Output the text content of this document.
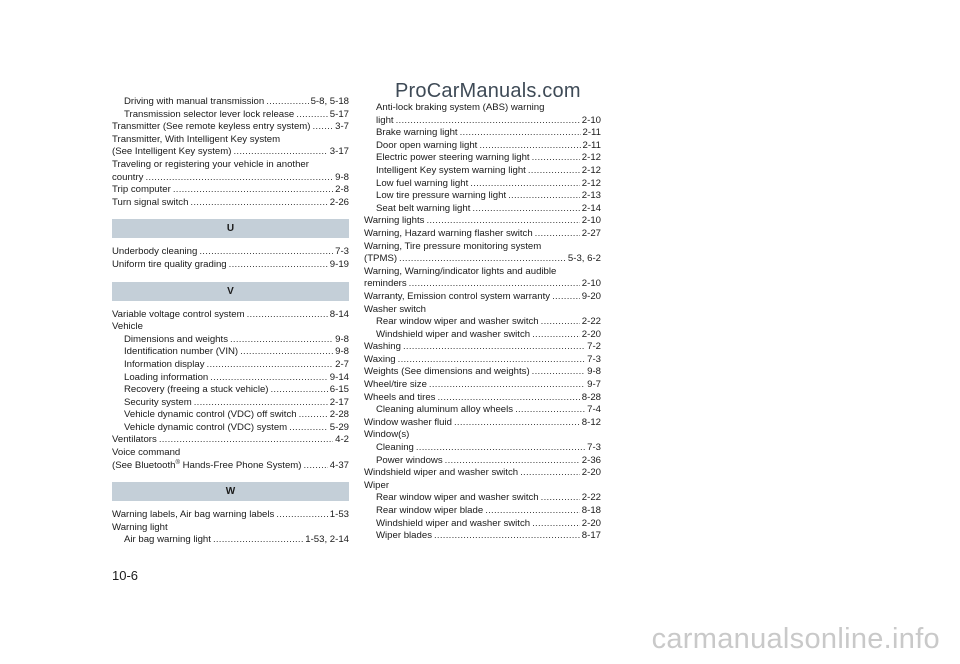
ProCarManuals.com
Driving with manual transmission . . .	5-8, 5-18
Transmission selector lever lock release . . .	5-17
Transmitter (See remote keyless entry system) . . .	3-7
Transmitter, With Intelligent Key system
(See Intelligent Key system) . . .	3-17
Traveling or registering your vehicle in another
country . . .	9-8
Trip computer . . .	2-8
Turn signal switch . . .	2-26
U
Underbody cleaning . . .	7-3
Uniform tire quality grading . . .	9-19
V
Variable voltage control system . . .	8-14
Vehicle
Dimensions and weights . . .	9-8
Identification number (VIN) . . .	9-8
Information display . . .	2-7
Loading information . . .	9-14
Recovery (freeing a stuck vehicle) . . .	6-15
Security system . . .	2-17
Vehicle dynamic control (VDC) off switch . . .	2-28
Vehicle dynamic control (VDC) system . . .	5-29
Ventilators . . .	4-2
Voice command
(See Bluetooth® Hands-Free Phone System) . . .	4-37
W
Warning labels, Air bag warning labels . . .	1-53
Warning light
Air bag warning light . . .	1-53, 2-14
Anti-lock braking system (ABS) warning
light . . .	2-10
Brake warning light . . .	2-11
Door open warning light . . .	2-11
Electric power steering warning light . . .	2-12
Intelligent Key system warning light . . .	2-12
Low fuel warning light . . .	2-12
Low tire pressure warning light . . .	2-13
Seat belt warning light . . .	2-14
Warning lights . . .	2-10
Warning, Hazard warning flasher switch . . .	2-27
Warning, Tire pressure monitoring system
(TPMS) . . .	5-3, 6-2
Warning, Warning/indicator lights and audible
reminders . . .	2-10
Warranty, Emission control system warranty . . .	9-20
Washer switch
Rear window wiper and washer switch . . .	2-22
Windshield wiper and washer switch . . .	2-20
Washing . . .	7-2
Waxing . . .	7-3
Weights (See dimensions and weights) . . .	9-8
Wheel/tire size . . .	9-7
Wheels and tires . . .	8-28
Cleaning aluminum alloy wheels . . .	7-4
Window washer fluid . . .	8-12
Window(s)
Cleaning . . .	7-3
Power windows . . .	2-36
Windshield wiper and washer switch . . .	2-20
Wiper
Rear window wiper and washer switch . . .	2-22
Rear window wiper blade . . .	8-18
Windshield wiper and washer switch . . .	2-20
Wiper blades . . .	8-17
10-6
carmanualsonline.info
